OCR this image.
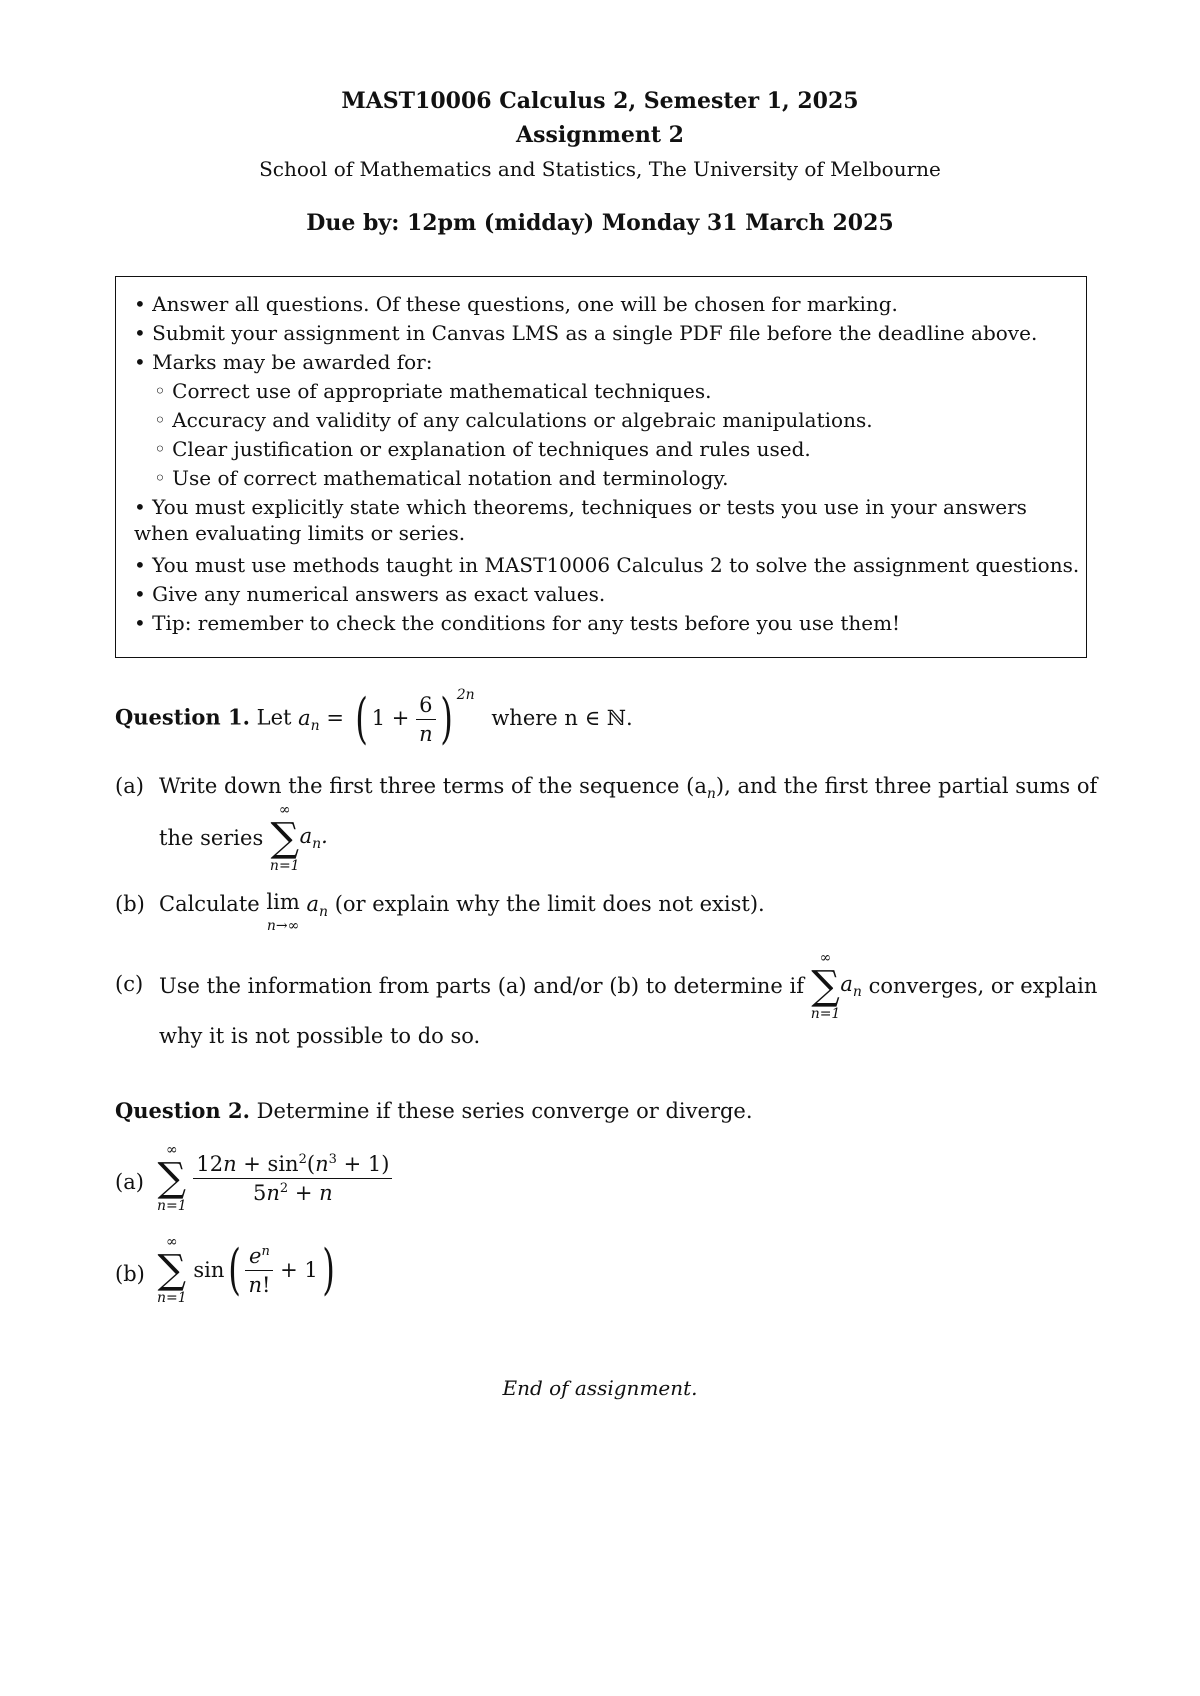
MAST10006 Calculus 2, Semester 1, 2025
Assignment 2
School of Mathematics and Statistics, The University of Melbourne
Due by: 12pm (midday) Monday 31 March 2025
• Answer all questions. Of these questions, one will be chosen for marking.
• Submit your assignment in Canvas LMS as a single PDF file before the deadline above.
• Marks may be awarded for:
◦ Correct use of appropriate mathematical techniques.
◦ Accuracy and validity of any calculations or algebraic manipulations.
◦ Clear justification or explanation of techniques and rules used.
◦ Use of correct mathematical notation and terminology.
• You must explicitly state which theorems, techniques or tests you use in your answers when evaluating limits or series.
• You must use methods taught in MAST10006 Calculus 2 to solve the assignment questions.
• Give any numerical answers as exact values.
• Tip: remember to check the conditions for any tests before you use them!
Question 1. Let $a_n$ = ( $1 + \frac{6}{n}$ ) $^{2n}$ where n ∈ ℕ.
(a) Write down the first three terms of the sequence $(a_n)$, and the first three partial sums of
the series
∞
∑
n=1
$a_n$.
(b) Calculate lim
n→∞ $a_n$ (or explain why the limit does not exist).
(c) Use the information from parts (a) and/or (b) to determine if
∞
∑
n=1
$a_n$ converges, or explain
why it is not possible to do so.
Question 2. Determine if these series converge or diverge.
(a)
∞
∑
n=1

$\frac{12n + \sin^2(n^3 + 1)}{5n^2 + n}$
(b)
∞
∑
n=1
$\sin( \frac{e^n}{n!} + 1)$
End of assignment.
